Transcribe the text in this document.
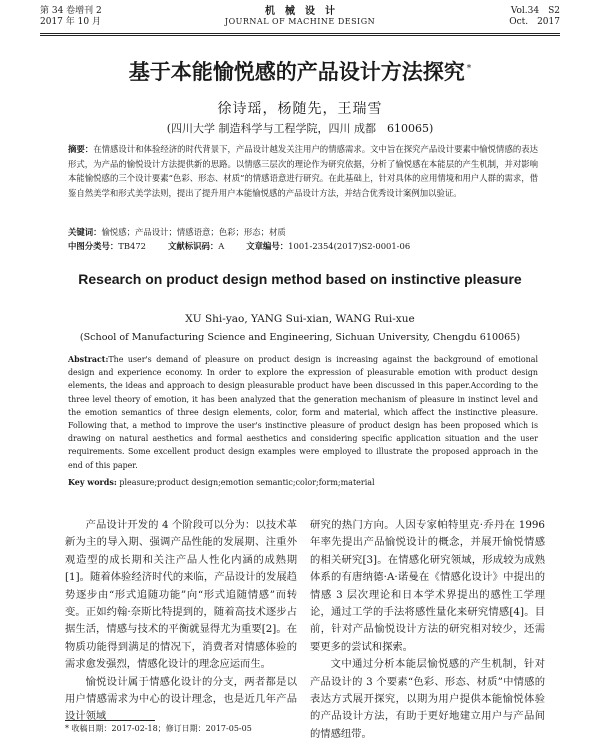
第 34 卷增刊 2
2017 年 10 月
机　械　设　计
JOURNAL OF MACHINE DESIGN
Vol.34　S2
Oct.　2017
基于本能愉悦感的产品设计方法探究 *
徐诗瑶，杨随先，王瑞雪
(四川大学 制造科学与工程学院，四川 成都　610065)
摘要：在情感设计和体验经济的时代背景下，产品设计越发关注用户的情感需求。文中旨在探究产品设计要素中愉悦情感的表达形式，为产品的愉悦设计方法提供新的思路。以情感三层次的理论作为研究依据，分析了愉悦感在本能层的产生机制，并对影响本能愉悦感的三个设计要素“色彩、形态、材质”的情感语意进行研究。在此基础上，针对具体的应用情境和用户人群的需求，借鉴自然美学和形式美学法则，提出了提升用户本能愉悦感的产品设计方法，并结合优秀设计案例加以验证。
关键词：愉悦感；产品设计；情感语意；色彩；形态；材质
中图分类号：TB472	文献标识码：A	文章编号：1001-2354(2017)S2-0001-06
Research on product design method based on instinctive pleasure
XU Shi-yao, YANG Sui-xian, WANG Rui-xue
(School of Manufacturing Science and Engineering, Sichuan University, Chengdu 610065)
Abstract:The user's demand of pleasure on product design is increasing against the background of emotional design and experience economy. In order to explore the expression of pleasurable emotion with product design elements, the ideas and approach to design pleasurable product have been discussed in this paper.According to the three level theory of emotion, it has been analyzed that the generation mechanism of pleasure in instinct level and the emotion semantics of three design elements, color, form and material, which affect the instinctive pleasure. Following that, a method to improve the user's instinctive pleasure of product design has been proposed which is drawing on natural aesthetics and formal aesthetics and considering specific application situation and the user requirements. Some excellent product design examples were employed to illustrate the proposed approach in the end of this paper.
Key words: pleasure;product design;emotion semantic;color;form;material

产品设计开发的 4 个阶段可以分为：以技术革新为主的导入期、强调产品性能的发展期、注重外观造型的成长期和关注产品人性化内涵的成熟期[1]。随着体验经济时代的来临，产品设计的发展趋势逐步由“形式追随功能”向“形式追随情感”而转变。正如约翰·奈斯比特提到的，随着高技术逐步占据生活，情感与技术的平衡就显得尤为重要[2]。在物质功能得到满足的情况下，消费者对情感体验的需求愈发强烈，情感化设计的理念应运而生。

愉悦设计属于情感化设计的分支，两者都是以用户情感需求为中心的设计理念，也是近几年产品设计领域

研究的热门方向。人因专家帕特里克·乔丹在 1996 年率先提出产品愉悦设计的概念，并展开愉悦情感的相关研究[3]。在情感化研究领域，形成较为成熟体系的有唐纳德·A·诺曼在《情感化设计》中提出的情感 3 层次理论和日本学术界提出的感性工学理论，通过工学的手法将感性量化来研究情感[4]。目前，针对产品愉悦设计方法的研究相对较少，还需要更多的尝试和探索。

文中通过分析本能层愉悦感的产生机制，针对产品设计的 3 个要素“色彩、形态、材质”中情感的表达方式展开探究，以期为用户提供本能愉悦体验的产品设计方法，有助于更好地建立用户与产品间的情感纽带。

* 收稿日期：2017-02-18；修订日期：2017-05-05
